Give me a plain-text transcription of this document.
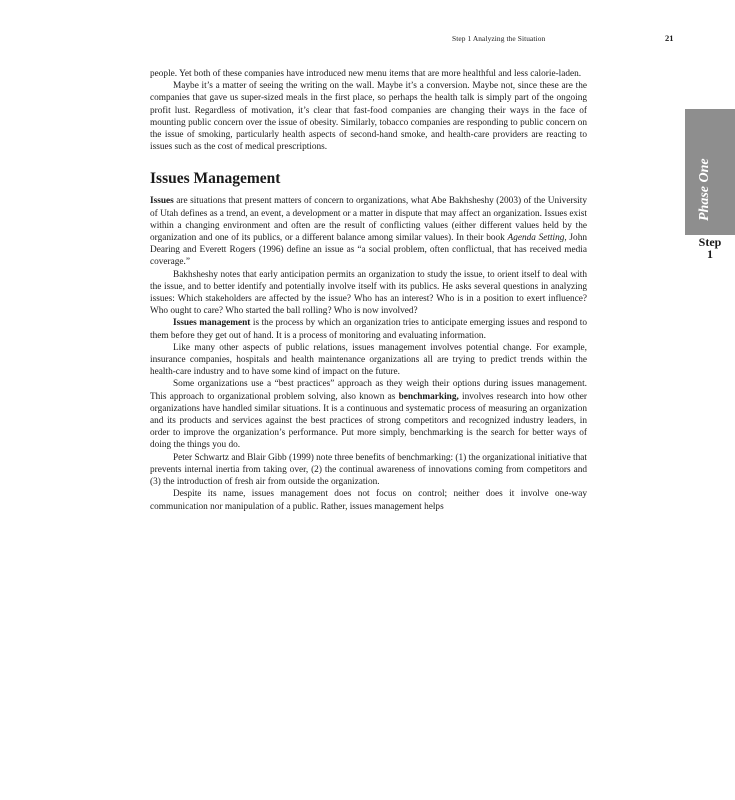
Step 1 Analyzing the Situation	21
Phase One
Step
1

people. Yet both of these companies have introduced new menu items that are more healthful and less calorie-laden.

Maybe it’s a matter of seeing the writing on the wall. Maybe it’s a conversion. Maybe not, since these are the companies that gave us super-sized meals in the first place, so perhaps the health talk is simply part of the ongoing profit lust. Regardless of motivation, it’s clear that fast-food companies are changing their ways in the face of mounting public concern over the issue of obesity. Similarly, tobacco companies are responding to public concern on the issue of smoking, particularly health aspects of second-hand smoke, and health-care providers are reacting to issues such as the cost of medical prescriptions.

Issues Management

Issues are situations that present matters of concern to organizations, what Abe Bakhsheshy (2003) of the University of Utah defines as a trend, an event, a development or a matter in dispute that may affect an organization. Issues exist within a changing environment and often are the result of conflicting values (either different values held by the organization and one of its publics, or a different balance among similar values). In their book Agenda Setting, John Dearing and Everett Rogers (1996) define an issue as “a social problem, often conflictual, that has received media coverage.”

Bakhsheshy notes that early anticipation permits an organization to study the issue, to orient itself to deal with the issue, and to better identify and potentially involve itself with its publics. He asks several questions in analyzing issues: Which stakeholders are affected by the issue? Who has an interest? Who is in a position to exert influence? Who ought to care? Who started the ball rolling? Who is now involved?

Issues management is the process by which an organization tries to anticipate emerging issues and respond to them before they get out of hand. It is a process of monitoring and evaluating information.

Like many other aspects of public relations, issues management involves potential change. For example, insurance companies, hospitals and health maintenance organizations all are trying to predict trends within the health-care industry and to have some kind of impact on the future.

Some organizations use a “best practices” approach as they weigh their options during issues management. This approach to organizational problem solving, also known as benchmarking, involves research into how other organizations have handled similar situations. It is a continuous and systematic process of measuring an organization and its products and services against the best practices of strong competitors and recognized industry leaders, in order to improve the organization’s performance. Put more simply, benchmarking is the search for better ways of doing the things you do.

Peter Schwartz and Blair Gibb (1999) note three benefits of benchmarking: (1) the organizational initiative that prevents internal inertia from taking over, (2) the continual awareness of innovations coming from competitors and (3) the introduction of fresh air from outside the organization.

Despite its name, issues management does not focus on control; neither does it involve one-way communication nor manipulation of a public. Rather, issues management helps
